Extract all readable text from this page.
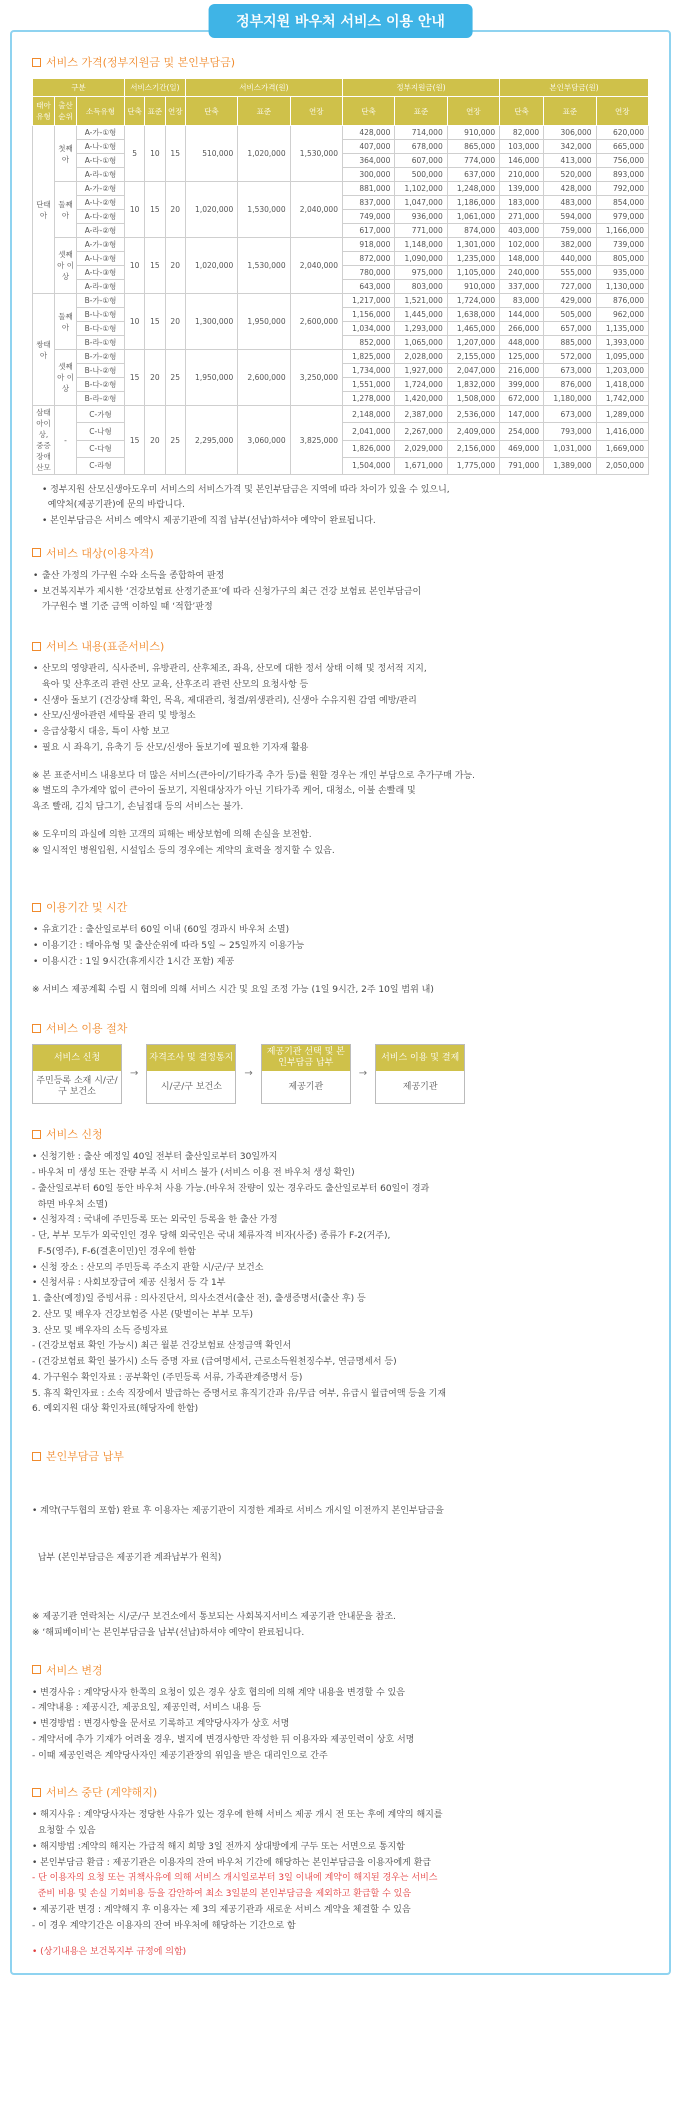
정부지원 바우처 서비스 이용 안내
서비스 가격(정부지원금 및 본인부담금)
구분			서비스기간(일)			서비스가격(원)			정부지원금(원)			본인부담금(원)		
태아 유형	출산 순위	소득유형	단축	표준	연장	단축	표준	연장	단축	표준	연장	단축	표준	연장
단태아	첫째아	A-가-①형	5	10	15	510,000	1,020,000	1,530,000	428,000	714,000	910,000	82,000	306,000	620,000
		A-나-①형							407,000	678,000	865,000	103,000	342,000	665,000
		A-다-①형							364,000	607,000	774,000	146,000	413,000	756,000
		A-라-①형							300,000	500,000	637,000	210,000	520,000	893,000
	둘째아	A-가-②형	10	15	20	1,020,000	1,530,000	2,040,000	881,000	1,102,000	1,248,000	139,000	428,000	792,000
		A-나-②형							837,000	1,047,000	1,186,000	183,000	483,000	854,000
		A-다-②형							749,000	936,000	1,061,000	271,000	594,000	979,000
		A-라-②형							617,000	771,000	874,000	403,000	759,000	1,166,000
	셋째아 이상	A-가-③형	10	15	20	1,020,000	1,530,000	2,040,000	918,000	1,148,000	1,301,000	102,000	382,000	739,000
		A-나-③형							872,000	1,090,000	1,235,000	148,000	440,000	805,000
		A-다-③형							780,000	975,000	1,105,000	240,000	555,000	935,000
		A-라-③형							643,000	803,000	910,000	337,000	727,000	1,130,000
쌍태아	둘째아	B-가-①형	10	15	20	1,300,000	1,950,000	2,600,000	1,217,000	1,521,000	1,724,000	83,000	429,000	876,000
		B-나-①형							1,156,000	1,445,000	1,638,000	144,000	505,000	962,000
		B-다-①형							1,034,000	1,293,000	1,465,000	266,000	657,000	1,135,000
		B-라-①형							852,000	1,065,000	1,207,000	448,000	885,000	1,393,000
	셋째아 이상	B-가-②형	15	20	25	1,950,000	2,600,000	3,250,000	1,825,000	2,028,000	2,155,000	125,000	572,000	1,095,000
		B-나-②형							1,734,000	1,927,000	2,047,000	216,000	673,000	1,203,000
		B-다-②형							1,551,000	1,724,000	1,832,000	399,000	876,000	1,418,000
		B-라-②형							1,278,000	1,420,000	1,508,000	672,000	1,180,000	1,742,000
삼태아이상, 중증장애 산모	-	C-가형	15	20	25	2,295,000	3,060,000	3,825,000	2,148,000	2,387,000	2,536,000	147,000	673,000	1,289,000
		C-나형							2,041,000	2,267,000	2,409,000	254,000	793,000	1,416,000
		C-다형							1,826,000	2,029,000	2,156,000	469,000	1,031,000	1,669,000
		C-라형							1,504,000	1,671,000	1,775,000	791,000	1,389,000	2,050,000
• 정부지원 산모신생아도우미 서비스의 서비스가격 및 본인부담금은 지역에 따라 차이가 있을 수 있으니,
예약처(제공기관)에 문의 바랍니다.
• 본인부담금은 서비스 예약시 제공기관에 직접 납부(선납)하셔야 예약이 완료됩니다.
서비스 대상(이용자격)
• 출산 가정의 가구원 수와 소득을 종합하여 판정
• 보건복지부가 제시한 ‘건강보험료 산정기준표’에 따라 신청가구의 최근 건강 보험료 본인부담금이
가구원수 별 기준 금액 이하일 때 ‘적합’판정
서비스 내용(표준서비스)
• 산모의 영양관리, 식사준비, 유방관리, 산후체조, 좌욕, 산모에 대한 정서 상태 이해 및 정서적 지지,
육아 및 산후조리 관련 산모 교육, 산후조리 관련 산모의 요청사항 등
• 신생아 돌보기 (건강상태 확인, 목욕, 제대관리, 청결/위생관리), 신생아 수유지원 감염 예방/관리
• 산모/신생아관련 세탁물 관리 및 방청소
• 응급상황시 대응, 특이 사항 보고
• 필요 시 좌욕기, 유축기 등 산모/신생아 돌보기에 필요한 기자재 활용
※ 본 표준서비스 내용보다 더 많은 서비스(큰아이/기타가족 추가 등)를 원할 경우는 개인 부담으로 추가구매 가능.
※ 별도의 추가계약 없이 큰아이 돌보기, 지원대상자가 아닌 기타가족 케어, 대청소, 이불 손빨래 및
욕조 빨래, 김치 담그기, 손님접대 등의 서비스는 불가.
※ 도우미의 과실에 의한 고객의 피해는 배상보험에 의해 손실을 보전함.
※ 일시적인 병원입원, 시설입소 등의 경우에는 계약의 효력을 정지할 수 있음.
이용기간 및 시간
• 유효기간 : 출산일로부터 60일 이내 (60일 경과시 바우처 소멸)
• 이용기간 : 태아유형 및 출산순위에 따라 5일 ~ 25일까지 이용가능
• 이용시간 : 1일 9시간(휴게시간 1시간 포함) 제공
※ 서비스 제공계획 수립 시 협의에 의해 서비스 시간 및 요일 조정 가능 (1일 9시간, 2주 10일 범위 내)
서비스 이용 절차
서비스 신청
주민등록 소재 시/군/구 보건소
→
자격조사 및 결정통지
시/군/구 보건소
→
제공기관 선택 및 본인부담금 납부
제공기관
→
서비스 이용 및 결제
제공기관
서비스 신청
• 신청기한 : 출산 예정일 40일 전부터 출산일로부터 30일까지
- 바우처 미 생성 또는 잔량 부족 시 서비스 불가 (서비스 이용 전 바우처 생성 확인)
- 출산일로부터 60일 동안 바우처 사용 가능.(바우처 잔량이 있는 경우라도 출산일로부터 60일이 경과
하면 바우처 소멸)
• 신청자격 : 국내에 주민등록 또는 외국인 등록을 한 출산 가정
- 단, 부부 모두가 외국인인 경우 당해 외국인은 국내 체류자격 비자(사증) 종류가 F-2(거주),
F-5(영주), F-6(결혼이민)인 경우에 한함
• 신청 장소 : 산모의 주민등록 주소지 관할 시/군/구 보건소
• 신청서류 : 사회보장급여 제공 신청서 등 각 1부
1. 출산(예정)일 증빙서류 : 의사진단서, 의사소견서(출산 전), 출생증명서(출산 후) 등
2. 산모 및 배우자 건강보험증 사본 (맞벌이는 부부 모두)
3. 산모 및 배우자의 소득 증빙자료
- (건강보험료 확인 가능시) 최근 월분 건강보험료 산정금액 확인서
- (건강보험료 확인 불가시) 소득 증명 자료 (급여명세서, 근로소득원천징수부, 연금명세서 등)
4. 가구원수 확인자료 : 공부확인 (주민등록 서류, 가족관계증명서 등)
5. 휴직 확인자료 : 소속 직장에서 발급하는 증명서로 휴직기간과 유/무급 여부, 유급시 월급여액 등을 기재
6. 예외지원 대상 확인자료(해당자에 한함)
본인부담금 납부

• 계약(구두협의 포함) 완료 후 이용자는 제공기관이 지정한 계좌로 서비스 개시일 이전까지 본인부담금을

납부 (본인부담금은 제공기관 계좌납부가 원칙)

※ 제공기관 연락처는 시/군/구 보건소에서 통보되는 사회복지서비스 제공기관 안내문을 참조.
※ ‘해피베이비’는 본인부담금을 납부(선납)하셔야 예약이 완료됩니다.
서비스 변경
• 변경사유 : 계약당사자 한쪽의 요청이 있은 경우 상호 협의에 의해 계약 내용을 변경할 수 있음
- 계약내용 : 제공시간, 제공요일, 제공인력, 서비스 내용 등
• 변경방법 : 변경사항을 문서로 기록하고 계약당사자가 상호 서명
- 계약서에 추가 기재가 어려울 경우, 별지에 변경사항만 작성한 뒤 이용자와 제공인력이 상호 서명
- 이때 제공인력은 계약당사자인 제공기관장의 위임을 받은 대리인으로 간주
서비스 중단 (계약해지)
• 해지사유 : 계약당사자는 정당한 사유가 있는 경우에 한해 서비스 제공 개시 전 또는 후에 계약의 해지를
요청할 수 있음
• 해지방법 :계약의 해지는 가급적 해지 희망 3일 전까지 상대방에게 구두 또는 서면으로 통지함
• 본인부담금 환급 : 제공기관은 이용자의 잔여 바우처 기간에 해당하는 본인부담금을 이용자에게 환급
- 단 이용자의 요청 또는 귀책사유에 의해 서비스 개시일로부터 3일 이내에 계약이 해지된 경우는 서비스
준비 비용 및 손실 기회비용 등을 감안하여 최소 3일분의 본인부담금을 제외하고 환급할 수 있음
• 제공기관 변경 : 계약해지 후 이용자는 제 3의 제공기관과 새로운 서비스 계약을 체결할 수 있음
- 이 경우 계약기간은 이용자의 잔여 바우처에 해당하는 기간으로 함
• (상기내용은 보건복지부 규정에 의함)
